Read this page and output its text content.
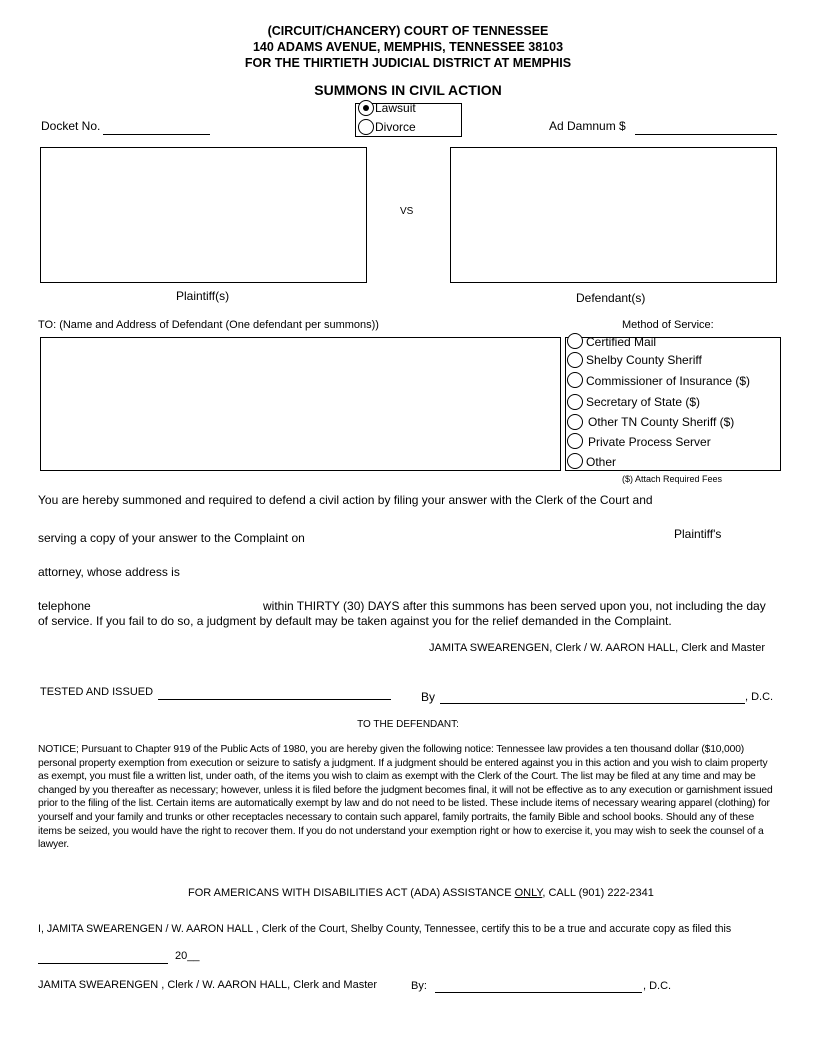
(CIRCUIT/CHANCERY) COURT OF TENNESSEE
140 ADAMS AVENUE, MEMPHIS, TENNESSEE 38103
FOR THE THIRTIETH JUDICIAL DISTRICT AT MEMPHIS
SUMMONS IN CIVIL ACTION
Lawsuit
Divorce
Docket No.	Ad Damnum $
VS
Plaintiff(s)	Defendant(s)
TO: (Name and Address of Defendant (One defendant per summons))	Method of Service:
Certified Mail
Shelby County Sheriff
Commissioner of Insurance ($)
Secretary of State ($)
Other TN County Sheriff ($)
Private Process Server
Other
($) Attach Required Fees
You are hereby summoned and required to defend a civil action by filing your answer with the Clerk of the Court and
serving a copy of your answer to the Complaint on	Plaintiff's
attorney, whose address is
telephone	within THIRTY (30) DAYS after this summons has been served upon you, not including the day
of service. If you fail to do so, a judgment by default may be taken against you for the relief demanded in the Complaint.
JAMITA SWEARENGEN, Clerk / W. AARON HALL, Clerk and Master
TESTED AND ISSUED	By	, D.C.
TO THE DEFENDANT:
NOTICE; Pursuant to Chapter 919 of the Public Acts of 1980, you are hereby given the following notice: Tennessee law provides a ten thousand dollar ($10,000) personal property exemption from execution or seizure to satisfy a judgment. If a judgment should be entered against you in this action and you wish to claim property as exempt, you must file a written list, under oath, of the items you wish to claim as exempt with the Clerk of the Court. The list may be filed at any time and may be changed by you thereafter as necessary; however, unless it is filed before the judgment becomes final, it will not be effective as to any execution or garnishment issued prior to the filing of the list. Certain items are automatically exempt by law and do not need to be listed. These include items of necessary wearing apparel (clothing) for yourself and your family and trunks or other receptacles necessary to contain such apparel, family portraits, the family Bible and school books. Should any of these items be seized, you would have the right to recover them. If you do not understand your exemption right or how to exercise it, you may wish to seek the counsel of a lawyer.
FOR AMERICANS WITH DISABILITIES ACT (ADA) ASSISTANCE ONLY, CALL (901) 222-2341
I, JAMITA SWEARENGEN / W. AARON HALL , Clerk of the Court, Shelby County, Tennessee, certify this to be a true and accurate copy as filed this
20__
JAMITA SWEARENGEN , Clerk / W. AARON HALL, Clerk and Master	By:	, D.C.
